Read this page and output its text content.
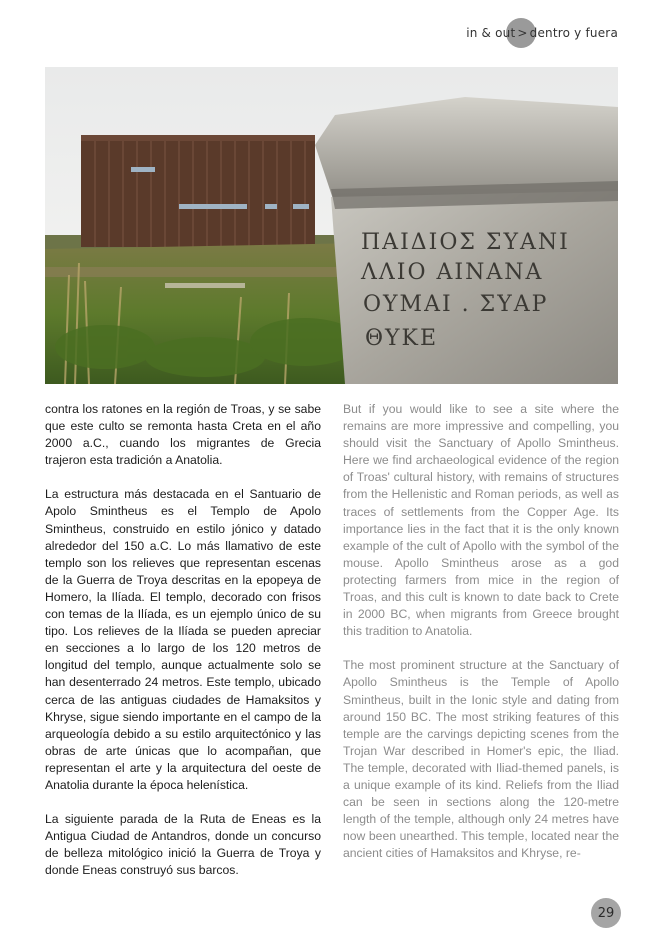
in & out > dentro y fuera
ΠΑΙΔΙΟΣ ΣΥΑΝΙ
ΛΛΙΟ ΑΙΝΑΝΑ
ΟΥΜΑΙ . ΣΥΑΡ
ΘΥΚΕ

contra los ratones en la región de Troas, y se sabe que este culto se remonta hasta Creta en el año 2000 a.C., cuando los migrantes de Grecia trajeron esta tradición a Anatolia.

La estructura más destacada en el Santuario de Apolo Smintheus es el Templo de Apolo Smintheus, construido en estilo jónico y datado alrededor del 150 a.C. Lo más llamativo de este templo son los relieves que representan escenas de la Guerra de Troya descritas en la epopeya de Homero, la Ilíada. El templo, decorado con frisos con temas de la Ilíada, es un ejemplo único de su tipo. Los relieves de la Ilíada se pueden apreciar en secciones a lo largo de los 120 metros de longitud del templo, aunque actualmente solo se han desenterrado 24 metros. Este templo, ubicado cerca de las antiguas ciudades de Hamaksitos y Khryse, sigue siendo importante en el campo de la arqueología debido a su estilo arquitectónico y las obras de arte únicas que lo acompañan, que representan el arte y la arquitectura del oeste de Anatolia durante la época helenística.

La siguiente parada de la Ruta de Eneas es la Antigua Ciudad de Antandros, donde un concurso de belleza mitológico inició la Guerra de Troya y donde Eneas construyó sus barcos.

But if you would like to see a site where the remains are more impressive and compelling, you should visit the Sanctuary of Apollo Smintheus. Here we find archaeological evidence of the region of Troas' cultural history, with remains of structures from the Hellenistic and Roman periods, as well as traces of settlements from the Copper Age. Its importance lies in the fact that it is the only known example of the cult of Apollo with the symbol of the mouse. Apollo Smintheus arose as a god protecting farmers from mice in the region of Troas, and this cult is known to date back to Crete in 2000 BC, when migrants from Greece brought this tradition to Anatolia.

The most prominent structure at the Sanctuary of Apollo Smintheus is the Temple of Apollo Smintheus, built in the Ionic style and dating from around 150 BC. The most striking features of this temple are the carvings depicting scenes from the Trojan War described in Homer's epic, the Iliad. The temple, decorated with Iliad-themed panels, is a unique example of its kind. Reliefs from the Iliad can be seen in sections along the 120-metre length of the temple, although only 24 metres have now been unearthed. This temple, located near the ancient cities of Hamaksitos and Khryse, re-

29
